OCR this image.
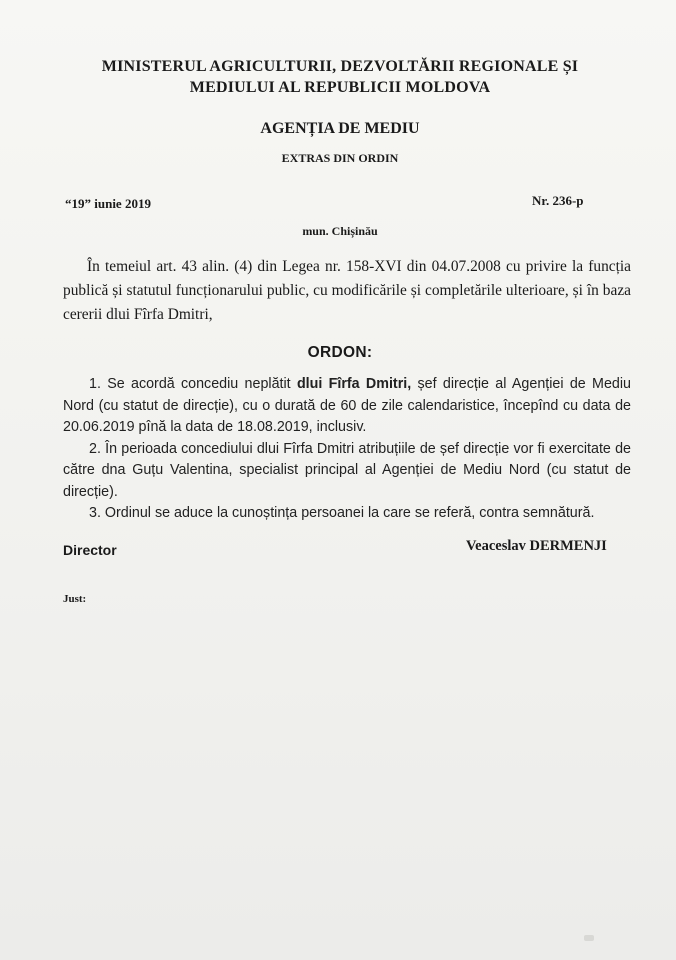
MINISTERUL AGRICULTURII, DEZVOLTĂRII REGIONALE ȘI
MEDIULUI AL REPUBLICII MOLDOVA
AGENȚIA DE MEDIU
EXTRAS DIN ORDIN
“19” iunie 2019	Nr. 236-p
mun. Chișinău

În temeiul art. 43 alin. (4) din Legea nr. 158-XVI din 04.07.2008 cu privire la funcția publică și statutul funcționarului public, cu modificările și completările ulterioare, și în baza cererii dlui Fîrfa Dmitri,

ORDON:

1. Se acordă concediu neplătit dlui Fîrfa Dmitri, șef direcție al Agenției de Mediu Nord (cu statut de direcție), cu o durată de 60 de zile calendaristice, începînd cu data de 20.06.2019 pînă la data de 18.08.2019, inclusiv.

2. În perioada concediului dlui Fîrfa Dmitri atribuțiile de șef direcție vor fi exercitate de către dna Guțu Valentina, specialist principal al Agenției de Mediu Nord (cu statut de direcție).

3. Ordinul se aduce la cunoștința persoanei la care se referă, contra semnătură.

Director	Veaceslav DERMENJI
Just:
